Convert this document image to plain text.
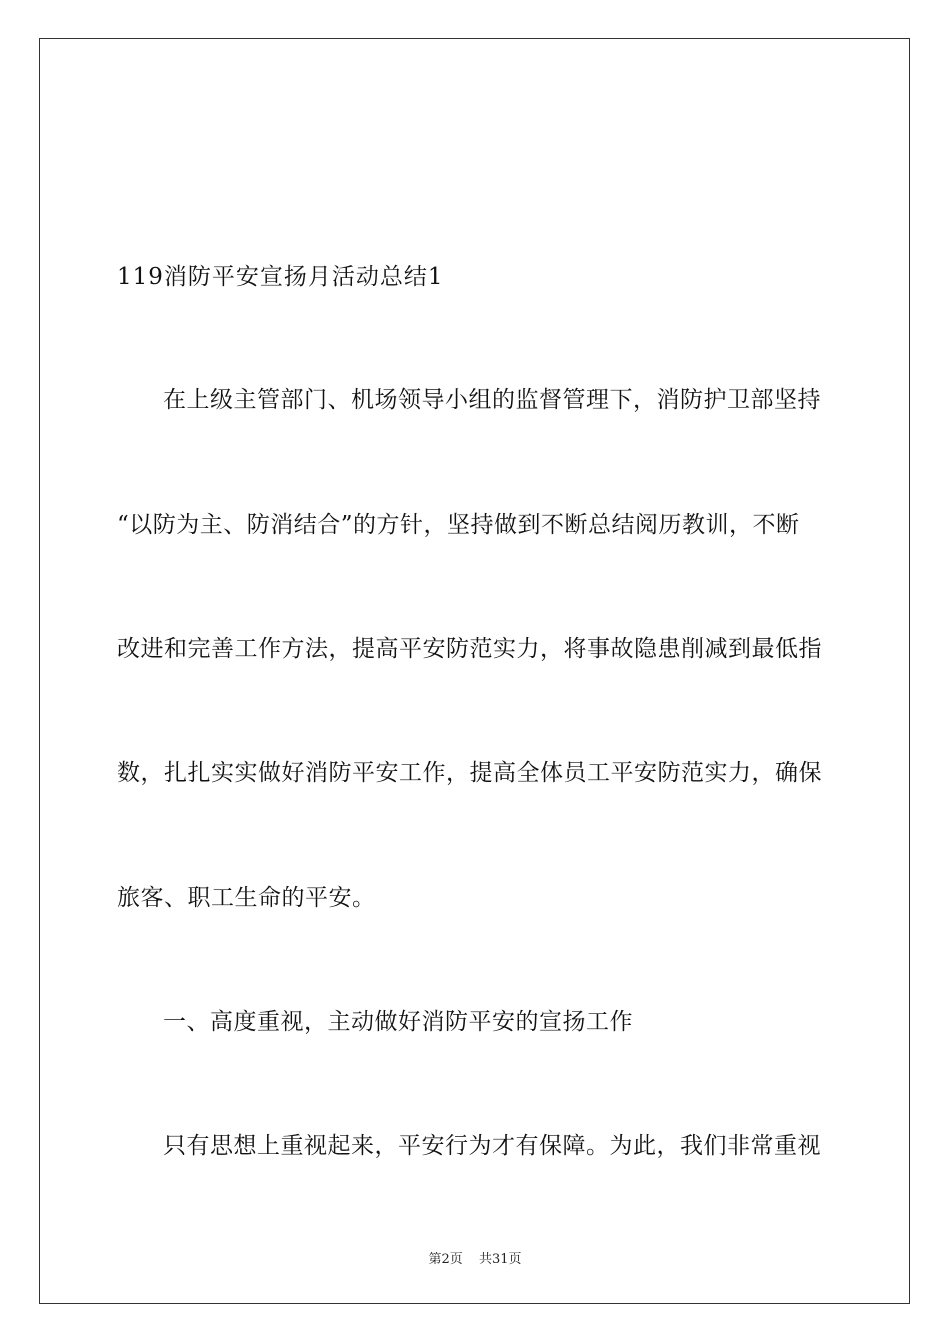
119消防平安宣扬月活动总结1
在上级主管部门、机场领导小组的监督管理下，消防护卫部坚持
“以防为主、防消结合”的方针，坚持做到不断总结阅历教训，不断
改进和完善工作方法，提高平安防范实力，将事故隐患削减到最低指
数，扎扎实实做好消防平安工作，提高全体员工平安防范实力，确保
旅客、职工生命的平安。
一、高度重视，主动做好消防平安的宣扬工作
只有思想上重视起来，平安行为才有保障。为此，我们非常重视
第2页 共31页
